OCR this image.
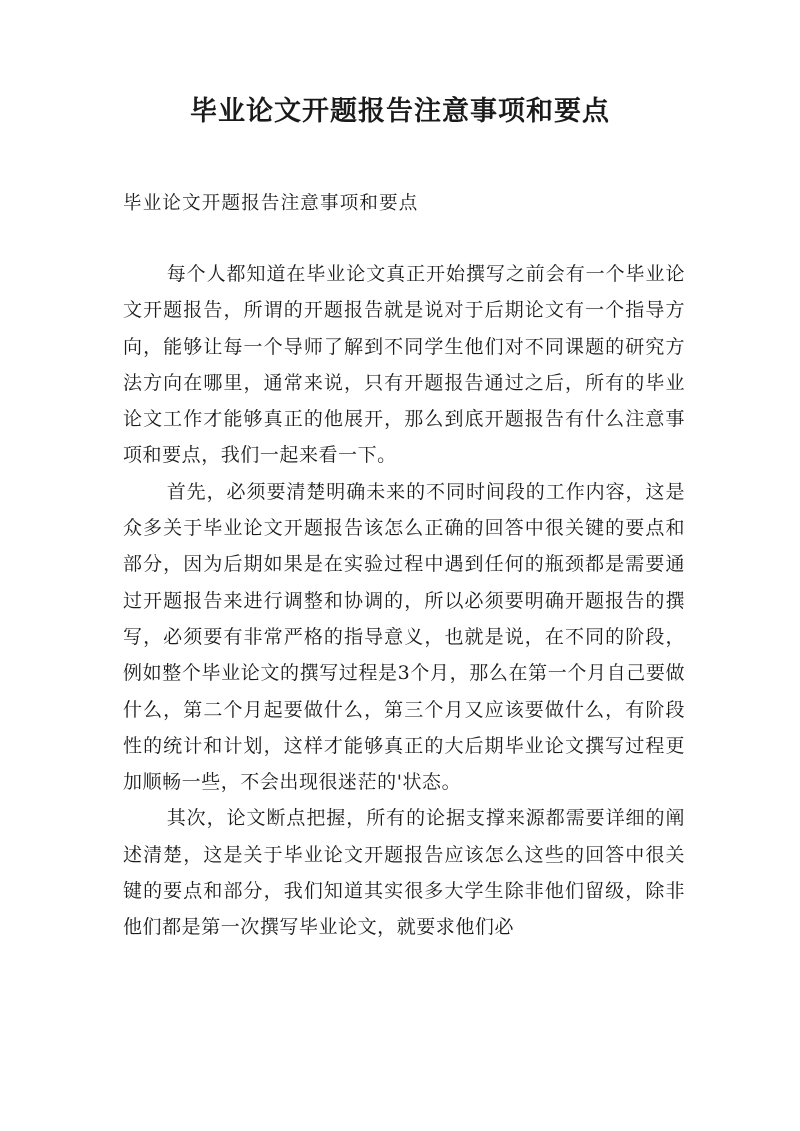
毕业论文开题报告注意事项和要点

毕业论文开题报告注意事项和要点

每个人都知道在毕业论文真正开始撰写之前会有一个毕业论文开题报告，所谓的开题报告就是说对于后期论文有一个指导方向，能够让每一个导师了解到不同学生他们对不同课题的研究方法方向在哪里，通常来说，只有开题报告通过之后，所有的毕业论文工作才能够真正的他展开，那么到底开题报告有什么注意事项和要点，我们一起来看一下。

首先，必须要清楚明确未来的不同时间段的工作内容，这是众多关于毕业论文开题报告该怎么正确的回答中很关键的要点和部分，因为后期如果是在实验过程中遇到任何的瓶颈都是需要通过开题报告来进行调整和协调的，所以必须要明确开题报告的撰写，必须要有非常严格的指导意义，也就是说，在不同的阶段，例如整个毕业论文的撰写过程是3个月，那么在第一个月自己要做什么，第二个月起要做什么，第三个月又应该要做什么，有阶段性的统计和计划，这样才能够真正的大后期毕业论文撰写过程更加顺畅一些，不会出现很迷茫的'状态。

其次，论文断点把握，所有的论据支撑来源都需要详细的阐述清楚，这是关于毕业论文开题报告应该怎么这些的回答中很关键的要点和部分，我们知道其实很多大学生除非他们留级，除非他们都是第一次撰写毕业论文，就要求他们必
